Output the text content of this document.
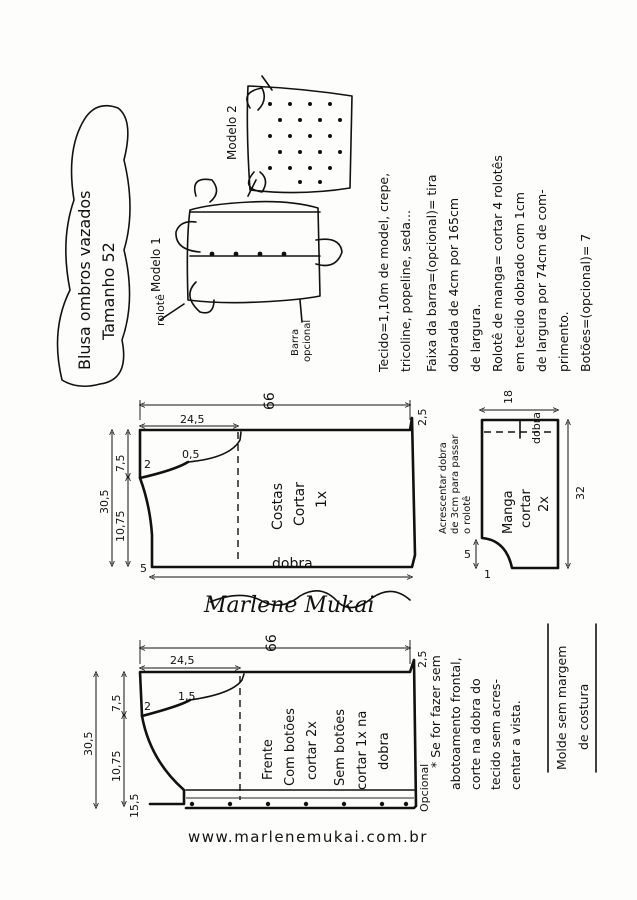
Blusa ombros vazados Tamanho 52	Modelo 1
Modelo 2
rolotê
Barra opcional	Tecido=1,10m de model, crepe, tricoline, popeline, seda... Faixa da barra=(opcional)= tira dobrada de 4cm por 165cm de largura. Rolotê de manga= cortar 4 rolotês em tecido dobrado com 1cm de largura por 74cm de com- primento. Botões=(opcional)= 7
Costas Cortar 1x
dobra
Frente Com botões cortar 2x Sem botões cortar 1x na dobra
Opcional
Manga cortar 2x
dobra
Acrescentar dobra de 3cm para passar o rolotê
* Se for fazer sem abotoamento frontal, corte na dobra do tecido sem acres- centar a vista. Molde sem margem de costura
Marlene Mukai
www.marlenemukai.com.br
66
24,5
30,5
10,75
7,5 2
0,5
2,5
5
66
24,5
30,5
10,75
7,5 2
1,5
2,5
15,5
18
32
5
1
